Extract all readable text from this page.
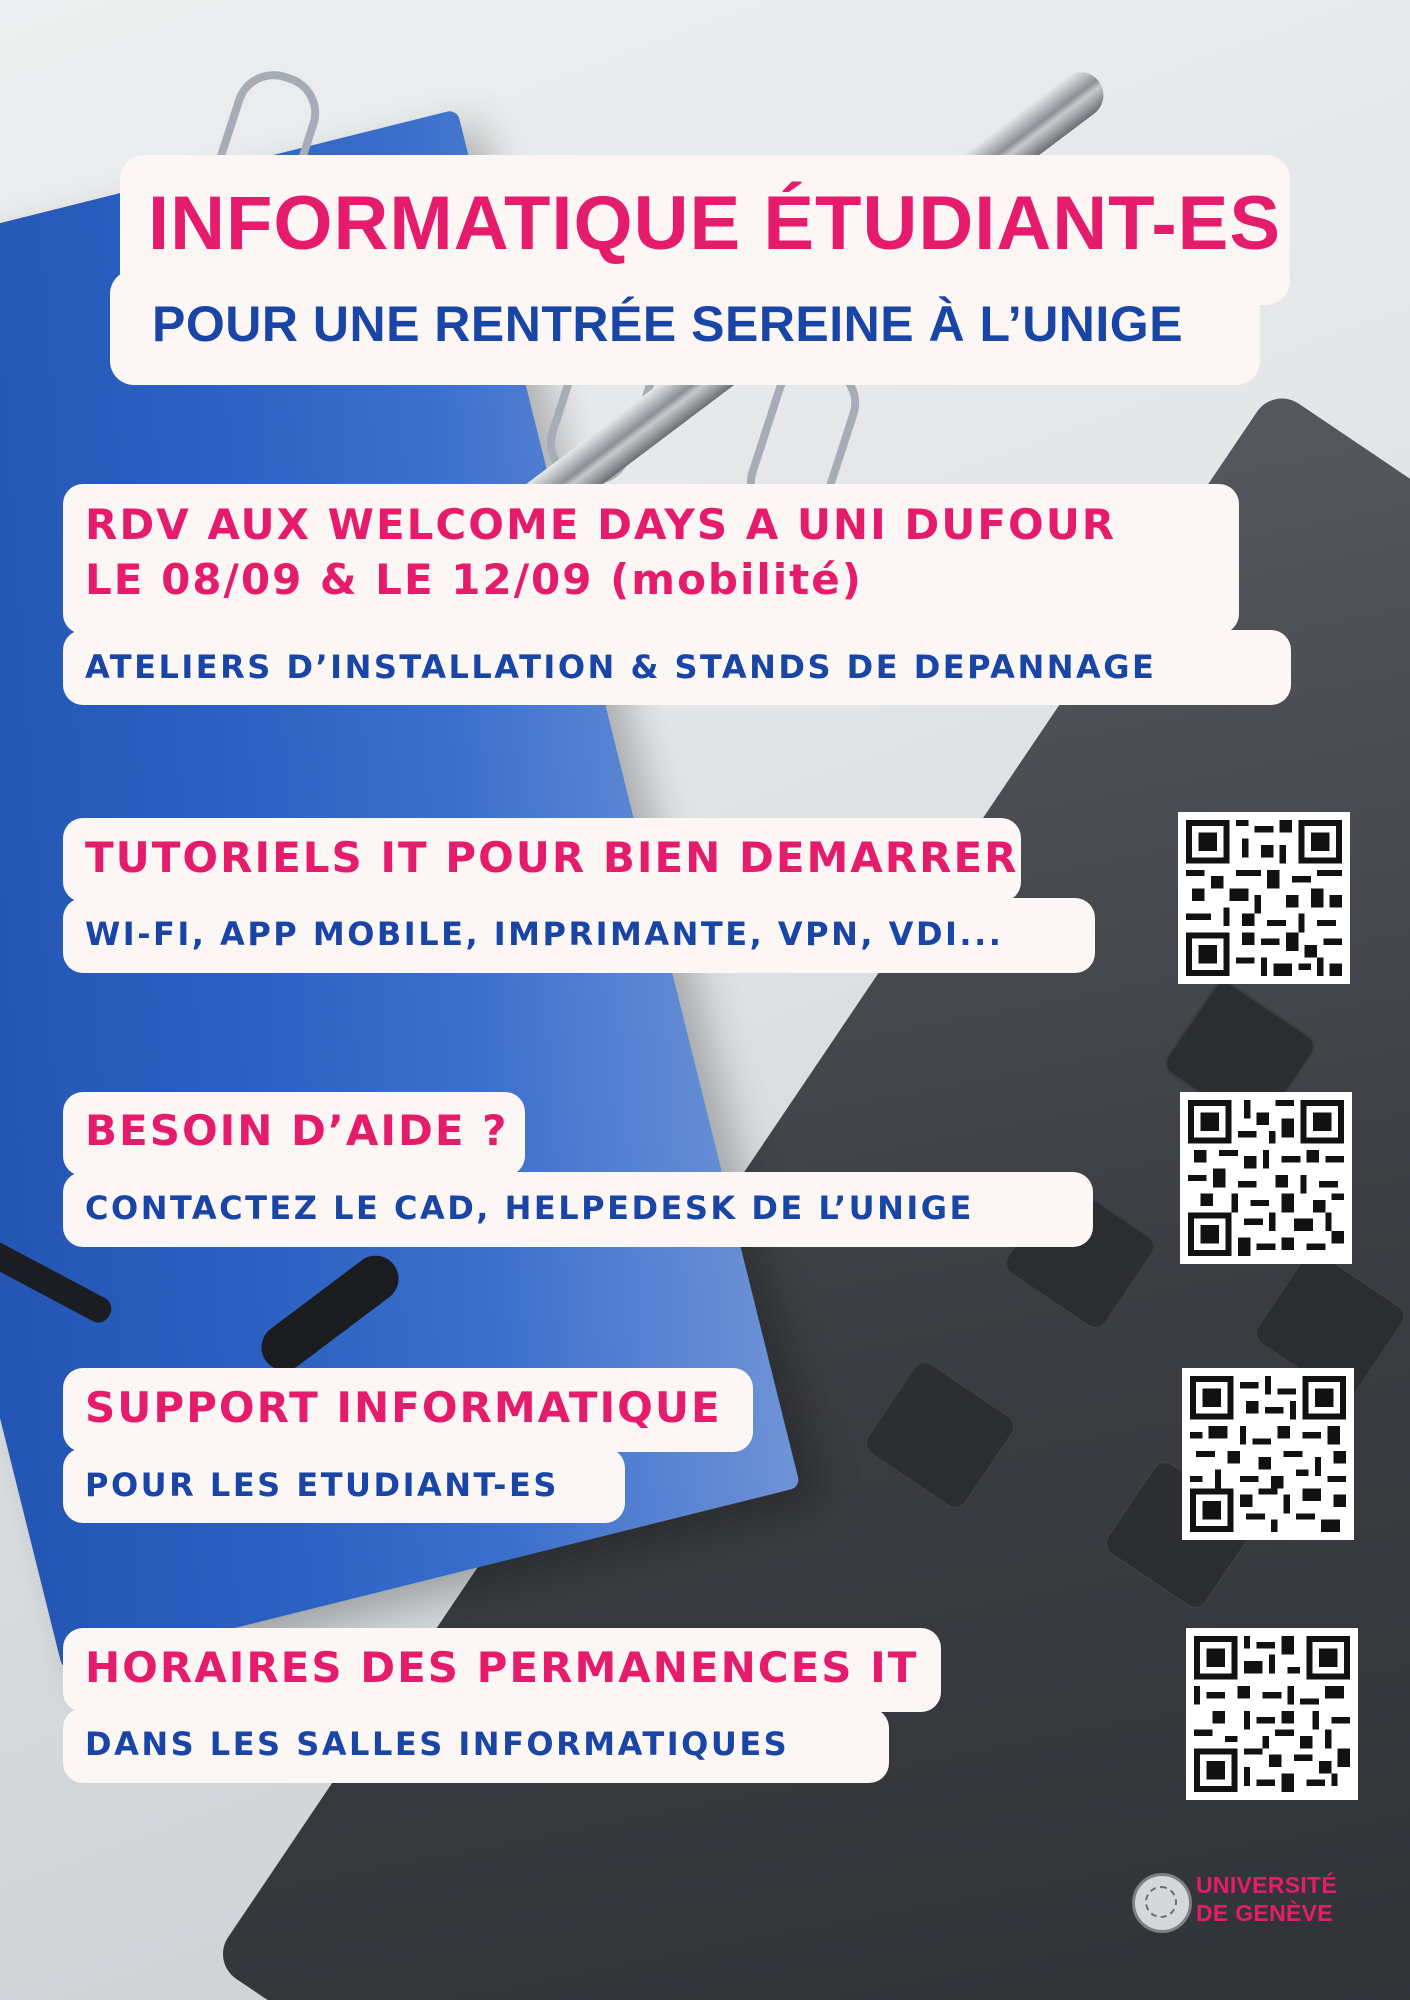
INFORMATIQUE ÉTUDIANT-ES
POUR UNE RENTRÉE SEREINE À L’UNIGE
RDV AUX WELCOME DAYS A UNI DUFOUR
LE 08/09 & LE 12/09 (mobilité)
ATELIERS D’INSTALLATION & STANDS DE DEPANNAGE
TUTORIELS IT POUR BIEN DEMARRER
WI-FI, APP MOBILE, IMPRIMANTE, VPN, VDI...
BESOIN D’AIDE ?
CONTACTEZ LE CAD, HELPEDESK DE L’UNIGE
SUPPORT INFORMATIQUE
POUR LES ETUDIANT-ES
HORAIRES DES PERMANENCES IT
DANS LES SALLES INFORMATIQUES
UNIVERSITÉ
DE GENÈVE
